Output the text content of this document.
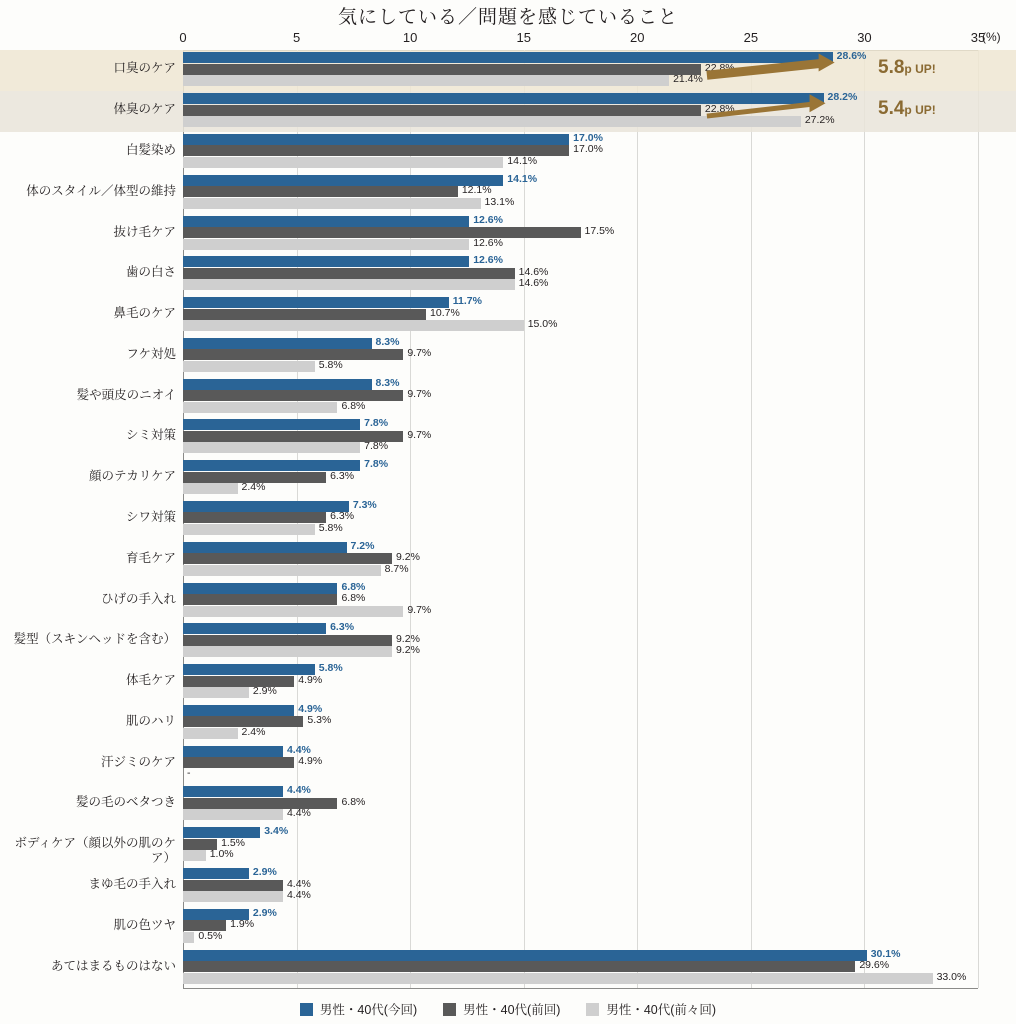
気にしている／問題を感じていること
0	5	10	15	20	25	30	35
(%)
口臭のケア
28.6%
22.8%
21.4%
体臭のケア
28.2%
22.8%
27.2%
白髪染め
17.0%
17.0%
14.1%
体のスタイル／体型の維持
14.1%
12.1%
13.1%
抜け毛ケア
12.6%
17.5%
12.6%
歯の白さ
12.6%
14.6%
14.6%
鼻毛のケア
11.7%
10.7%
15.0%
フケ対処
8.3%
9.7%
5.8%
髪や頭皮のニオイ
8.3%
9.7%
6.8%
シミ対策
7.8%
9.7%
7.8%
顔のテカリケア
7.8%
6.3%
2.4%
シワ対策
7.3%
6.3%
5.8%
育毛ケア
7.2%
9.2%
8.7%
ひげの手入れ
6.8%
6.8%
9.7%
髪型（スキンヘッドを含む）
6.3%
9.2%
9.2%
体毛ケア
5.8%
4.9%
2.9%
肌のハリ
4.9%
5.3%
2.4%
汗ジミのケア
4.4%
4.9%
-
髪の毛のベタつき
4.4%
6.8%
4.4%
ボディケア（顔以外の肌のケア）
3.4%
1.5%
1.0%
まゆ毛の手入れ
2.9%
4.4%
4.4%
肌の色ツヤ
2.9%
1.9%
0.5%
あてはまるものはない
30.1%
29.6%
33.0%
5.8p UP!
5.4p UP!
男性・40代(今回)	男性・40代(前回)	男性・40代(前々回)
